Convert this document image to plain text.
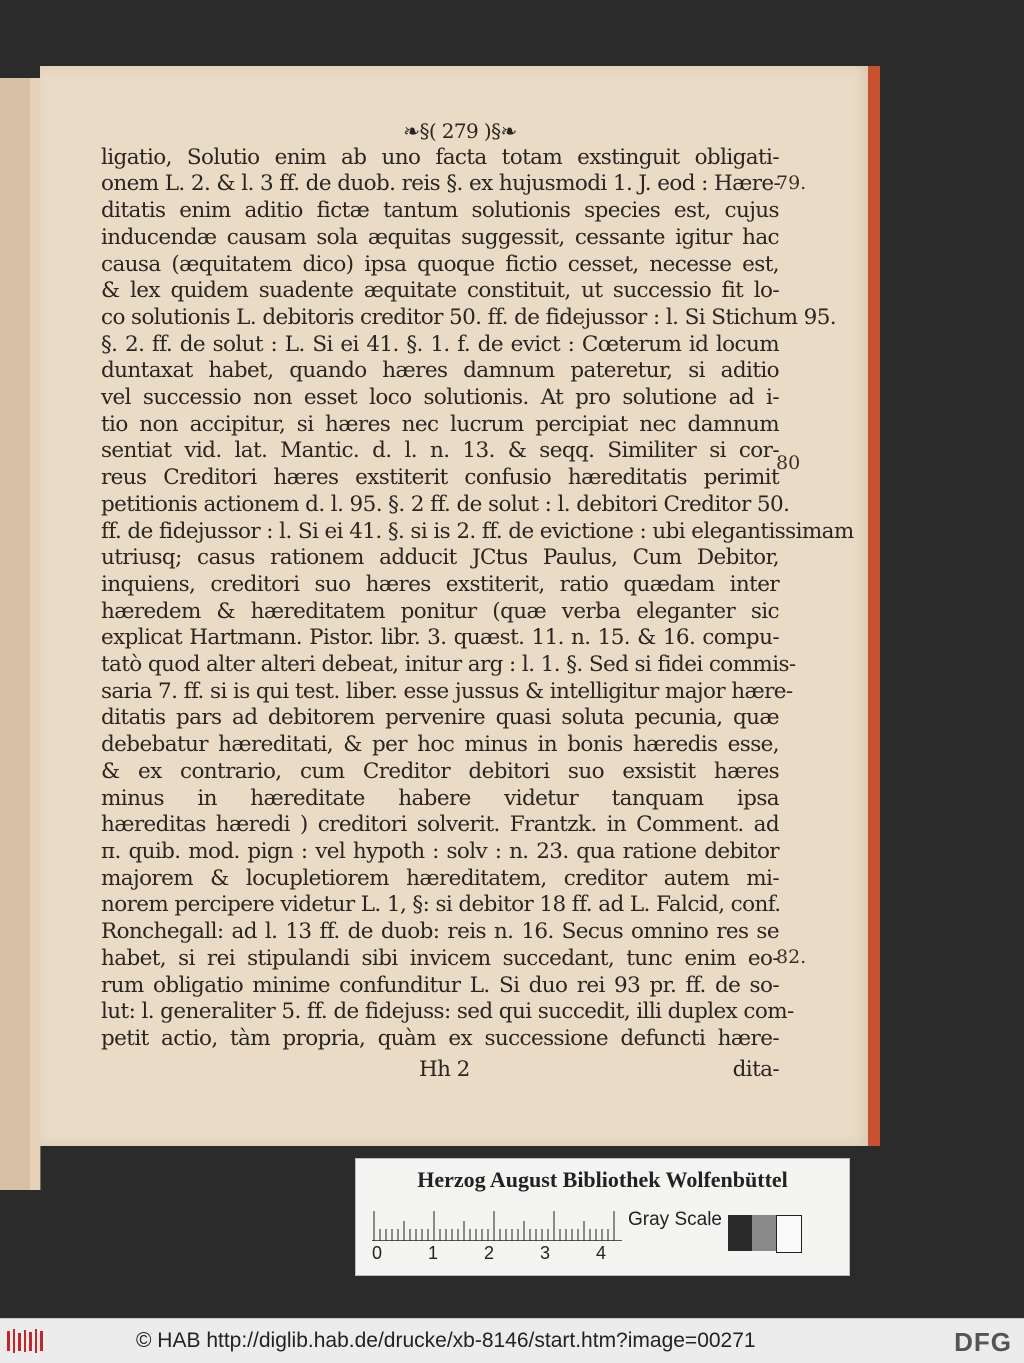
❧§( 279 )§❧
ligatio, Solutio enim ab uno facta totam exstinguit obligati-
onem L. 2. & l. 3 ff. de duob. reis §. ex hujusmodi 1. J. eod : Hære-
ditatis enim aditio fictæ tantum solutionis species est, cujus
inducendæ causam sola æquitas suggessit, cessante igitur hac
causa (æquitatem dico) ipsa quoque fictio cesset, necesse est,
& lex quidem suadente æquitate constituit, ut successio fit lo-
co solutionis L. debitoris creditor 50. ff. de fidejussor : l. Si Stichum 95.
§. 2. ff. de solut : L. Si ei 41. §. 1. f. de evict : Cœterum id locum
duntaxat habet, quando hæres damnum pateretur, si aditio
vel successio non esset loco solutionis. At pro solutione ad i-
tio non accipitur, si hæres nec lucrum percipiat nec damnum
sentiat vid. lat. Mantic. d. l. n. 13. & seqq. Similiter si cor-
reus Creditori hæres exstiterit confusio hæreditatis perimit
petitionis actionem d. l. 95. §. 2 ff. de solut : l. debitori Creditor 50.
ff. de fidejussor : l. Si ei 41. §. si is 2. ff. de evictione : ubi elegantissimam
utriusq; casus rationem adducit JCtus Paulus, Cum Debitor,
inquiens, creditori suo hæres exstiterit, ratio quædam inter
hæredem & hæreditatem ponitur (quæ verba eleganter sic
explicat Hartmann. Pistor. libr. 3. quæst. 11. n. 15. & 16. compu-
tatò quod alter alteri debeat, initur arg : l. 1. §. Sed si fidei commis-
saria 7. ff. si is qui test. liber. esse jussus & intelligitur major hære-
ditatis pars ad debitorem pervenire quasi soluta pecunia, quæ
debebatur hæreditati, & per hoc minus in bonis hæredis esse,
& ex contrario, cum Creditor debitori suo exsistit hæres
minus in hæreditate habere videtur tanquam ipsa
hæreditas hæredi ) creditori solverit. Frantzk. in Comment. ad
π. quib. mod. pign : vel hypoth : solv : n. 23. qua ratione debitor
majorem & locupletiorem hæreditatem, creditor autem mi-
norem percipere videtur L. 1, §: si debitor 18 ff. ad L. Falcid, conf.
Ronchegall: ad l. 13 ff. de duob: reis n. 16. Secus omnino res se
habet, si rei stipulandi sibi invicem succedant, tunc enim eo-
rum obligatio minime confunditur L. Si duo rei 93 pr. ff. de so-
lut: l. generaliter 5. ff. de fidejuss: sed qui succedit, illi duplex com-
petit actio, tàm propria, quàm ex successione defuncti hære-
Hh 2	dita-
79.
80
82.
Herzog August Bibliothek Wolfenbüttel
0	1	2	3	4
Gray Scale
© HAB http://diglib.hab.de/drucke/xb-8146/start.htm?image=00271	DFG
